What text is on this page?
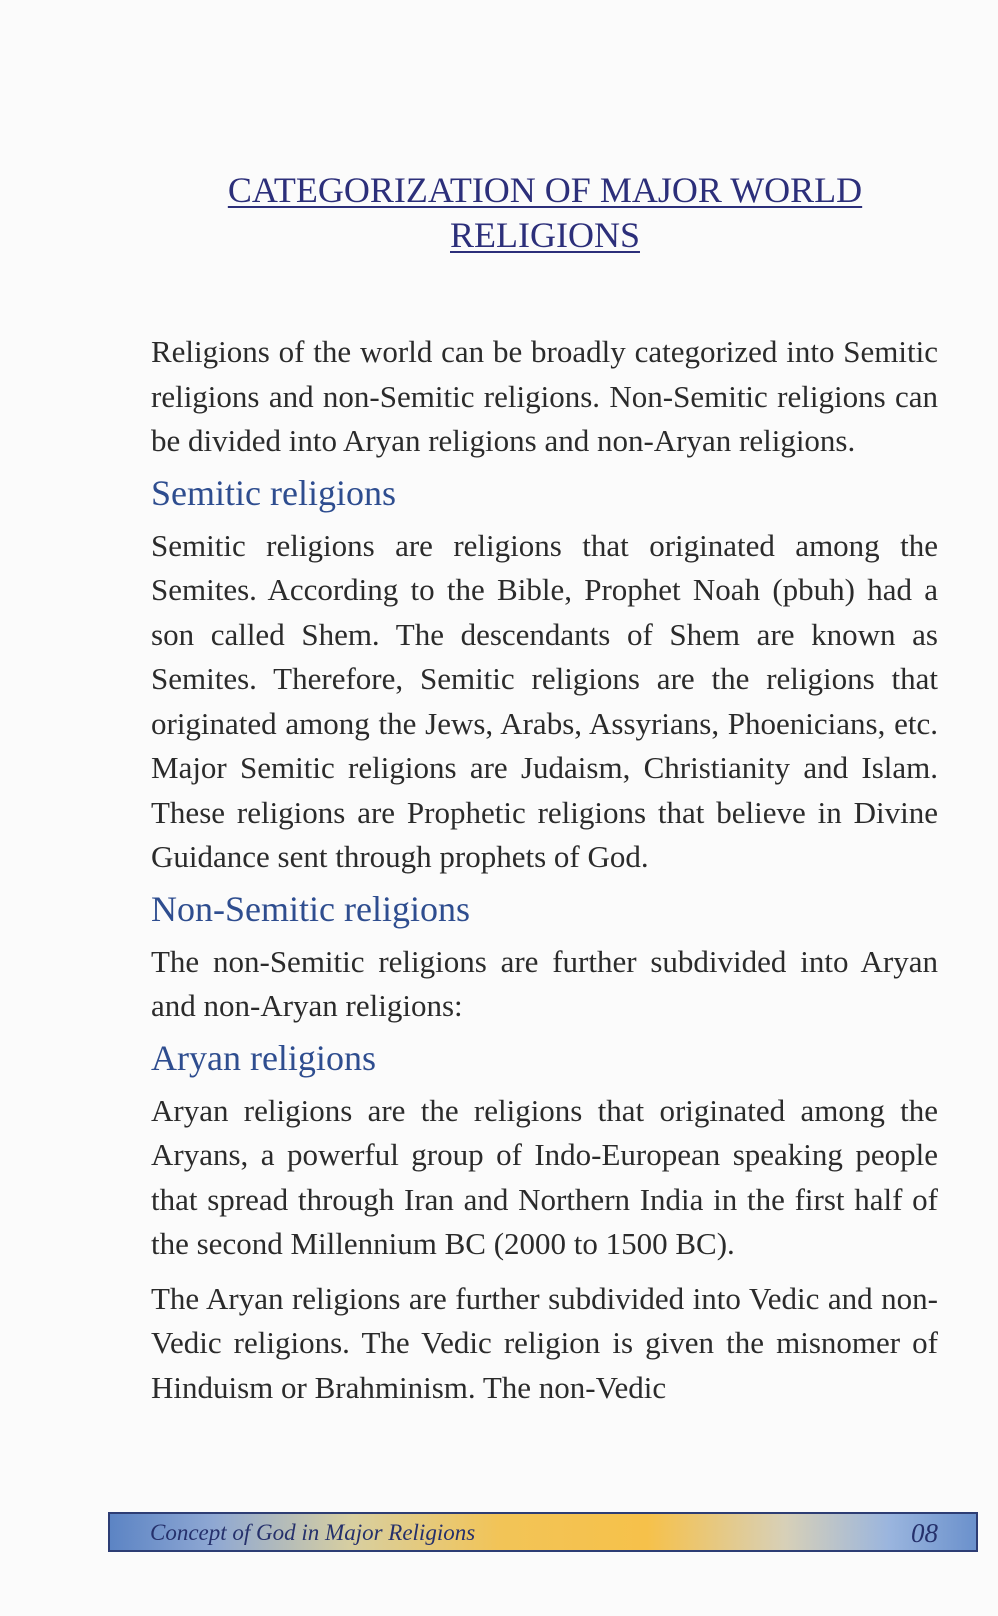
CATEGORIZATION OF MAJOR WORLD
RELIGIONS

Religions of the world can be broadly categorized into Semitic religions and non-Semitic religions. Non-Semitic religions can be divided into Aryan religions and non-Aryan religions.

Semitic religions

Semitic religions are religions that originated among the Semites. According to the Bible, Prophet Noah (pbuh) had a son called Shem. The descendants of Shem are known as Semites. Therefore, Semitic religions are the religions that originated among the Jews, Arabs, Assyrians, Phoenicians, etc. Major Semitic religions are Judaism, Christianity and Islam. These religions are Prophetic religions that believe in Divine Guidance sent through prophets of God.

Non-Semitic religions

The non-Semitic religions are further subdivided into Aryan and non-Aryan religions:

Aryan religions

Aryan religions are the religions that originated among the Aryans, a powerful group of Indo-European speaking people that spread through Iran and Northern India in the first half of the second Millennium BC (2000 to 1500 BC).

The Aryan religions are further subdivided into Vedic and non-Vedic religions. The Vedic religion is given the misnomer of Hinduism or Brahminism. The non-Vedic

Concept of God in Major Religions	08
